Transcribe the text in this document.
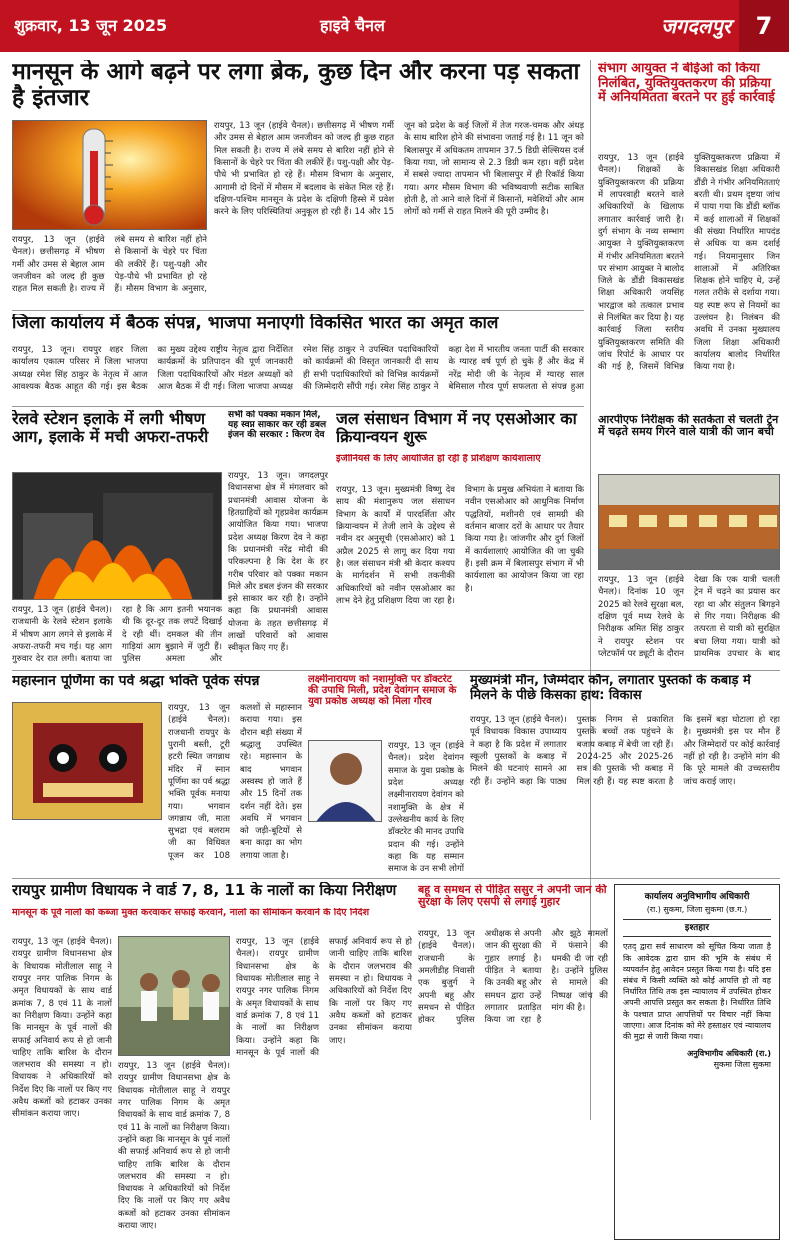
शुक्रवार, 13 जून 2025	हाइवे चैनल	जगदलपुर	7
मानसून के आगे बढ़ने पर लगा ब्रेक, कुछ दिन और करना पड़ सकता है इंतजार
रायपुर, 13 जून (हाईवे चैनल)। छत्तीसगढ़ में भीषण गर्मी और उमस से बेहाल आम जनजीवन को जल्द ही कुछ राहत मिल सकती है। राज्य में लंबे समय से बारिश नहीं होने से किसानों के चेहरे पर चिंता की लकीरें हैं। पशु-पक्षी और पेड़-पौधे भी प्रभावित हो रहे हैं। मौसम विभाग के अनुसार,
रायपुर, 13 जून (हाईवे चैनल)। छत्तीसगढ़ में भीषण गर्मी और उमस से बेहाल आम जनजीवन को जल्द ही कुछ राहत मिल सकती है। राज्य में लंबे समय से बारिश नहीं होने से किसानों के चेहरे पर चिंता की लकीरें हैं। पशु-पक्षी और पेड़-पौधे भी प्रभावित हो रहे हैं। मौसम विभाग के अनुसार, आगामी दो दिनों में मौसम में बदलाव के संकेत मिल रहे हैं। दक्षिण-पश्चिम मानसून के प्रदेश के दक्षिणी हिस्से में प्रवेश करने के लिए परिस्थितियां अनुकूल हो रही हैं। 14 और 15 जून को प्रदेश के कई जिलों में तेज गरज-चमक और अंधड़ के साथ बारिश होने की संभावना जताई गई है। 11 जून को बिलासपुर में अधिकतम तापमान 37.5 डिग्री सेल्सियस दर्ज किया गया, जो सामान्य से 2.3 डिग्री कम रहा। वहीं प्रदेश में सबसे ज्यादा तापमान भी बिलासपुर में ही रिकॉर्ड किया गया। अगर मौसम विभाग की भविष्यवाणी सटीक साबित होती है, तो आने वाले दिनों में किसानों, मवेशियों और आम लोगों को गर्मी से राहत मिलने की पूरी उम्मीद है।
संभाग आयुक्त ने बीईओ को किया निलंबित, युक्तियुक्तकरण की प्रक्रिया में अनियमितता बरतने पर हुई कार्रवाई
रायपुर, 13 जून (हाईवे चैनल)। शिक्षकों के युक्तियुक्तकरण की प्रक्रिया में लापरवाही बरतने वाले अधिकारियों के खिलाफ लगातार कार्रवाई जारी है। दुर्ग संभाग के नव्य सम्भाग आयुक्त ने युक्तियुक्तकरण में गंभीर अनियमितता बरतने पर संभाग आयुक्त ने बालोद जिले के डौंडी विकासखंड शिक्षा अधिकारी जयसिंह भारद्वाज को तत्काल प्रभाव से निलंबित कर दिया है। यह कार्रवाई जिला स्तरीय युक्तियुक्तकरण समिति की जांच रिपोर्ट के आधार पर की गई है, जिसमें विभिन्न युक्तियुक्तकरण प्रक्रिया में विकासखंड शिक्षा अधिकारी डौंडी ने गंभीर अनियमितताएं बरती थी। प्रथम दृष्टया जांच में पाया गया कि डौंडी ब्लॉक में कई शालाओं में शिक्षकों की संख्या निर्धारित मापदंड से अधिक या कम दर्शाई गई। नियमानुसार जिन शालाओं में अतिरिक्त शिक्षक होने चाहिए थे, उन्हें गलत तरीके से दर्शाया गया। यह स्पष्ट रूप से नियमों का उल्लंघन है। निलंबन की अवधि में उनका मुख्यालय जिला शिक्षा अधिकारी कार्यालय बालोद निर्धारित किया गया है।
जिला कार्यालय में बैठक संपन्न, भाजपा मनाएगी विकसित भारत का अमृत काल
रायपुर, 13 जून। रायपुर शहर जिला कार्यालय एकात्म परिसर में जिला भाजपा अध्यक्ष रमेश सिंह ठाकुर के नेतृत्व में आज आवश्यक बैठक आहूत की गई। इस बैठक का मुख्य उद्देश्य राष्ट्रीय नेतृत्व द्वारा निर्देशित कार्यक्रमों के प्रतिपादन की पूर्ण जानकारी जिला पदाधिकारियों और मंडल अध्यक्षों को आज बैठक में दी गई। जिला भाजपा अध्यक्ष रमेश सिंह ठाकुर ने उपस्थित पदाधिकारियों को कार्यक्रमों की विस्तृत जानकारी दी साथ ही सभी पदाधिकारियों को विभिन्न कार्यक्रमों की जिम्मेदारी सौंपी गई। रमेश सिंह ठाकुर ने कहा देश में भारतीय जनता पार्टी की सरकार के ग्यारह वर्ष पूर्ण हो चुके हैं और केंद्र में नरेंद्र मोदी जी के नेतृत्व में ग्यारह साल बेमिसाल गौरव पूर्ण सफलता से संपन्न हुआ
रेलवे स्टेशन इलाके में लगी भीषण आग, इलाके में मची अफरा-तफरी
रायपुर, 13 जून (हाईवे चैनल)। राजधानी के रेलवे स्टेशन इलाके में भीषण आग लगने से इलाके में अफरा-तफरी मच गई। यह आग गुरुवार देर रात लगी। बताया जा रहा है कि आग इतनी भयानक थी कि दूर-दूर तक लपटें दिखाई दे रही थीं। दमकल की तीन गाड़ियां आग बुझाने में जुटी हैं। पुलिस अमला और
सभी को पक्का मकान मिले, यह स्वप्न साकार कर रही डबल इंजन की सरकार : किरण देव
रायपुर, 13 जून। जगदलपुर विधानसभा क्षेत्र में मंगलवार को प्रधानमंत्री आवास योजना के हितग्राहियों को गृहप्रवेश कार्यक्रम आयोजित किया गया। भाजपा प्रदेश अध्यक्ष किरण देव ने कहा कि प्रधानमंत्री नरेंद्र मोदी की परिकल्पना है कि देश के हर गरीब परिवार को पक्का मकान मिले और डबल इंजन की सरकार इसे साकार कर रही है। उन्होंने कहा कि प्रधानमंत्री आवास योजना के तहत छत्तीसगढ़ में लाखों परिवारों को आवास स्वीकृत किए गए हैं।
जल संसाधन विभाग में नए एसओआर का क्रियान्वयन शुरू
इंजीनियर्स के लिए आयोजित हो रहीं हैं प्रशिक्षण कार्यशालाएं
रायपुर, 13 जून। मुख्यमंत्री विष्णु देव साय की मंशानुरूप जल संसाधन विभाग के कार्यों में पारदर्शिता और क्रियान्वयन में तेजी लाने के उद्देश्य से नवीन दर अनुसूची (एसओआर) को 1 अप्रैल 2025 से लागू कर दिया गया है। जल संसाधन मंत्री श्री केदार कश्यप के मार्गदर्शन में सभी तकनीकी अधिकारियों को नवीन एसओआर का लाभ देने हेतु प्रशिक्षण दिया जा रहा है। विभाग के प्रमुख अभियंता ने बताया कि नवीन एसओआर को आधुनिक निर्माण पद्धतियों, मशीनरी एवं सामग्री की वर्तमान बाजार दरों के आधार पर तैयार किया गया है। जांजगीर और दुर्ग जिलों में कार्यशालाएं आयोजित की जा चुकी हैं। इसी क्रम में बिलासपुर संभाग में भी कार्यशाला का आयोजन किया जा रहा है।
आरपीएफ निरीक्षक की सतर्कता से चलती ट्रेन में चढ़ते समय गिरने वाले यात्री की जान बची
रायपुर, 13 जून (हाईवे चैनल)। दिनांक 10 जून 2025 को रेलवे सुरक्षा बल, दक्षिण पूर्व मध्य रेलवे के निरीक्षक अमित सिंह ठाकुर ने रायपुर स्टेशन पर प्लेटफॉर्म पर ड्यूटी के दौरान देखा कि एक यात्री चलती ट्रेन में चढ़ने का प्रयास कर रहा था और संतुलन बिगड़ने से गिर गया। निरीक्षक की तत्परता से यात्री को सुरक्षित बचा लिया गया। यात्री को प्राथमिक उपचार के बाद
महास्नान पूर्णिमा का पर्व श्रद्धा भक्ति पूर्वक संपन्न
रायपुर, 13 जून (हाईवे चैनल)। राजधानी रायपुर के पुरानी बस्ती, टूरी हटरी स्थित जगन्नाथ मंदिर में स्नान पूर्णिमा का पर्व श्रद्धा भक्ति पूर्वक मनाया गया। भगवान जगन्नाथ जी, माता सुभद्रा एवं बलराम जी का विधिवत पूजन कर 108 कलशों से महास्नान कराया गया। इस दौरान बड़ी संख्या में श्रद्धालु उपस्थित रहे। महास्नान के बाद भगवान अस्वस्थ हो जाते हैं और 15 दिनों तक दर्शन नहीं देते। इस अवधि में भगवान को जड़ी-बूटियों से बना काढ़ा का भोग लगाया जाता है।
लक्ष्मीनारायण को नशामुक्ति पर डॉक्टरेट की उपाधि मिली, प्रदेश देवांगन समाज के युवा प्रकोष्ठ अध्यक्ष को मिला गौरव
रायपुर, 13 जून (हाईवे चैनल)। प्रदेश देवांगन समाज के युवा प्रकोष्ठ के प्रदेश अध्यक्ष लक्ष्मीनारायण देवांगन को नशामुक्ति के क्षेत्र में उल्लेखनीय कार्य के लिए डॉक्टरेट की मानद उपाधि प्रदान की गई। उन्होंने कहा कि यह सम्मान समाज के उन सभी लोगों
मुख्यमंत्री मौन, जिम्मेदार कौन, लगातार पुस्तकों के कबाड़ में मिलने के पीछे किसका हाथ: विकास
रायपुर, 13 जून (हाईवे चैनल)। पूर्व विधायक विकास उपाध्याय ने कहा है कि प्रदेश में लगातार स्कूली पुस्तकों के कबाड़ में मिलने की घटनाएं सामने आ रही हैं। उन्होंने कहा कि पाठ्य पुस्तक निगम से प्रकाशित पुस्तकें बच्चों तक पहुंचने के बजाय कबाड़ में बेची जा रही हैं। 2024-25 और 2025-26 सत्र की पुस्तकें भी कबाड़ में मिल रही हैं। यह स्पष्ट करता है कि इसमें बड़ा घोटाला हो रहा है। मुख्यमंत्री इस पर मौन हैं और जिम्मेदारों पर कोई कार्रवाई नहीं हो रही है। उन्होंने मांग की कि पूरे मामले की उच्चस्तरीय जांच कराई जाए।
रायपुर ग्रामीण विधायक ने वार्ड 7, 8, 11 के नालों का किया निरीक्षण
मानसून के पूर्व नालों को कब्जा मुक्त करवाकर सफाई करवाने, नालों का सीमांकन करवाने के दिए निर्देश
रायपुर, 13 जून (हाईवे चैनल)। रायपुर ग्रामीण विधानसभा क्षेत्र के विधायक मोतीलाल साहू ने रायपुर नगर पालिक निगम के अमृत विधायकों के साथ वार्ड क्रमांक 7, 8 एवं 11 के नालों का निरीक्षण किया। उन्होंने कहा कि मानसून के पूर्व नालों की सफाई अनिवार्य रूप से हो जानी चाहिए ताकि बारिश के दौरान जलभराव की समस्या न हो। विधायक ने अधिकारियों को निर्देश दिए कि नालों पर किए गए अवैध कब्जों को हटाकर उनका सीमांकन कराया जाए।
रायपुर, 13 जून (हाईवे चैनल)। रायपुर ग्रामीण विधानसभा क्षेत्र के विधायक मोतीलाल साहू ने रायपुर नगर पालिक निगम के अमृत विधायकों के साथ वार्ड क्रमांक 7, 8 एवं 11 के नालों का निरीक्षण किया। उन्होंने कहा कि मानसून के पूर्व नालों की सफाई अनिवार्य रूप से हो जानी चाहिए ताकि बारिश के दौरान जलभराव की समस्या न हो। विधायक ने अधिकारियों को निर्देश दिए कि नालों पर किए गए अवैध कब्जों को हटाकर उनका सीमांकन कराया जाए।
रायपुर, 13 जून (हाईवे चैनल)। रायपुर ग्रामीण विधानसभा क्षेत्र के विधायक मोतीलाल साहू ने रायपुर नगर पालिक निगम के अमृत विधायकों के साथ वार्ड क्रमांक 7, 8 एवं 11 के नालों का निरीक्षण किया। उन्होंने कहा कि मानसून के पूर्व नालों की सफाई अनिवार्य रूप से हो जानी चाहिए ताकि बारिश के दौरान जलभराव की समस्या न हो। विधायक ने अधिकारियों को निर्देश दिए कि नालों पर किए गए अवैध कब्जों को हटाकर उनका सीमांकन कराया जाए।
बहू व समधन से पीड़ित ससुर ने अपनी जान की सुरक्षा के लिए एसपी से लगाई गुहार
रायपुर, 13 जून (हाईवे चैनल)। राजधानी के अमलीडीह निवासी एक बुजुर्ग ने अपनी बहू और समधन से पीड़ित होकर पुलिस अधीक्षक से अपनी जान की सुरक्षा की गुहार लगाई है। पीड़ित ने बताया कि उनकी बहू और समधन द्वारा उन्हें लगातार प्रताड़ित किया जा रहा है और झूठे मामलों में फंसाने की धमकी दी जा रही है। उन्होंने पुलिस से मामले की निष्पक्ष जांच की मांग की है।
कार्यालय अनुविभागीय अधिकारी
(रा.) सुकमा, जिला सुकमा (छ.ग.)
इश्तहार
एतद् द्वारा सर्व साधारण को सूचित किया जाता है कि आवेदक द्वारा ग्राम की भूमि के संबंध में व्यपवर्तन हेतु आवेदन प्रस्तुत किया गया है। यदि इस संबंध में किसी व्यक्ति को कोई आपत्ति हो तो वह निर्धारित तिथि तक इस न्यायालय में उपस्थित होकर अपनी आपत्ति प्रस्तुत कर सकता है। निर्धारित तिथि के पश्चात प्राप्त आपत्तियों पर विचार नहीं किया जाएगा। आज दिनांक को मेरे हस्ताक्षर एवं न्यायालय की मुद्रा से जारी किया गया।
अनुविभागीय अधिकारी (रा.)
सुकमा जिला सुकमा
